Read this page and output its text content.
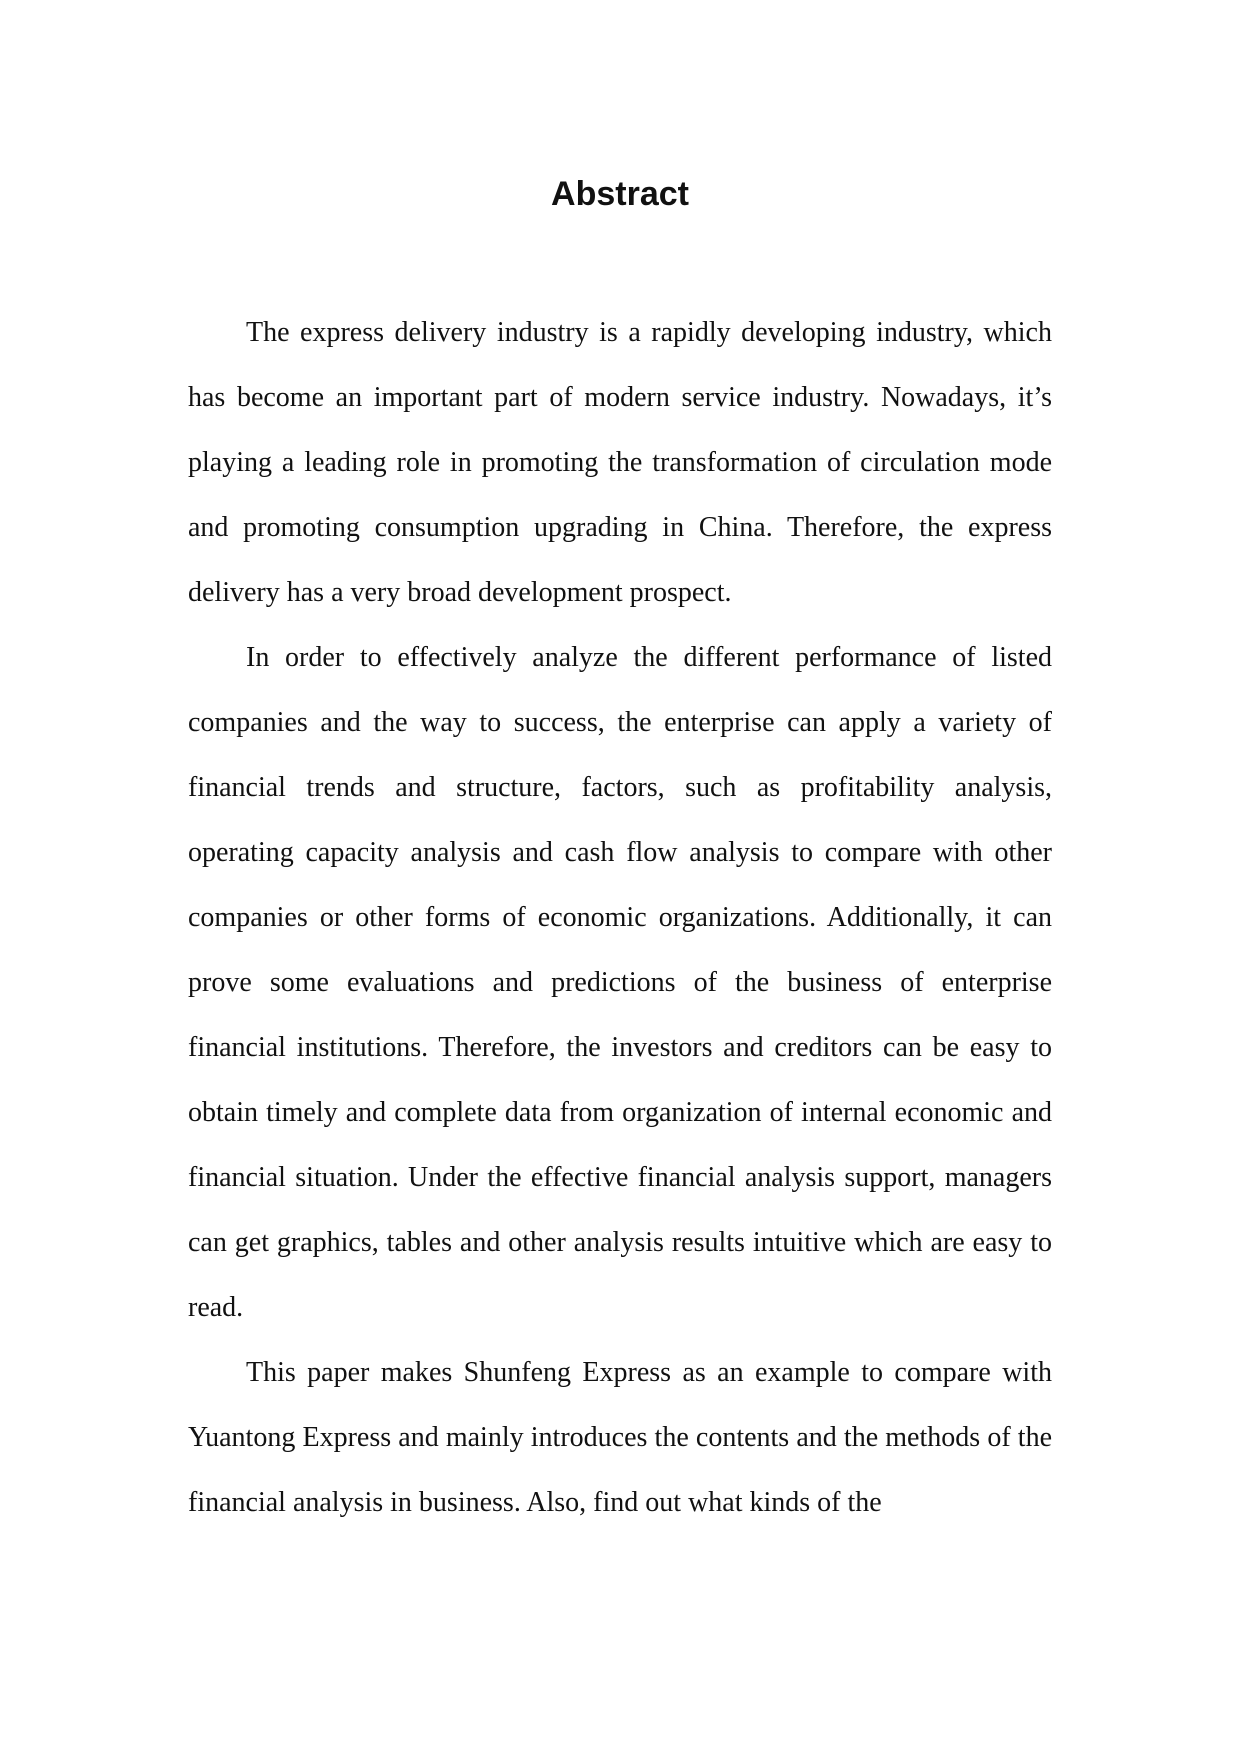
Abstract

The express delivery industry is a rapidly developing industry, which has become an important part of modern service industry. Nowadays, it’s playing a leading role in promoting the transformation of circulation mode and promoting consumption upgrading in China. Therefore, the express delivery has a very broad development prospect.

In order to effectively analyze the different performance of listed companies and the way to success, the enterprise can apply a variety of financial trends and structure, factors, such as profitability analysis, operating capacity analysis and cash flow analysis to compare with other companies or other forms of economic organizations. Additionally, it can prove some evaluations and predictions of the business of enterprise financial institutions. Therefore, the investors and creditors can be easy to obtain timely and complete data from organization of internal economic and financial situation. Under the effective financial analysis support, managers can get graphics, tables and other analysis results intuitive which are easy to read.

This paper makes Shunfeng Express as an example to compare with Yuantong Express and mainly introduces the contents and the methods of the financial analysis in business. Also, find out what kinds of the
